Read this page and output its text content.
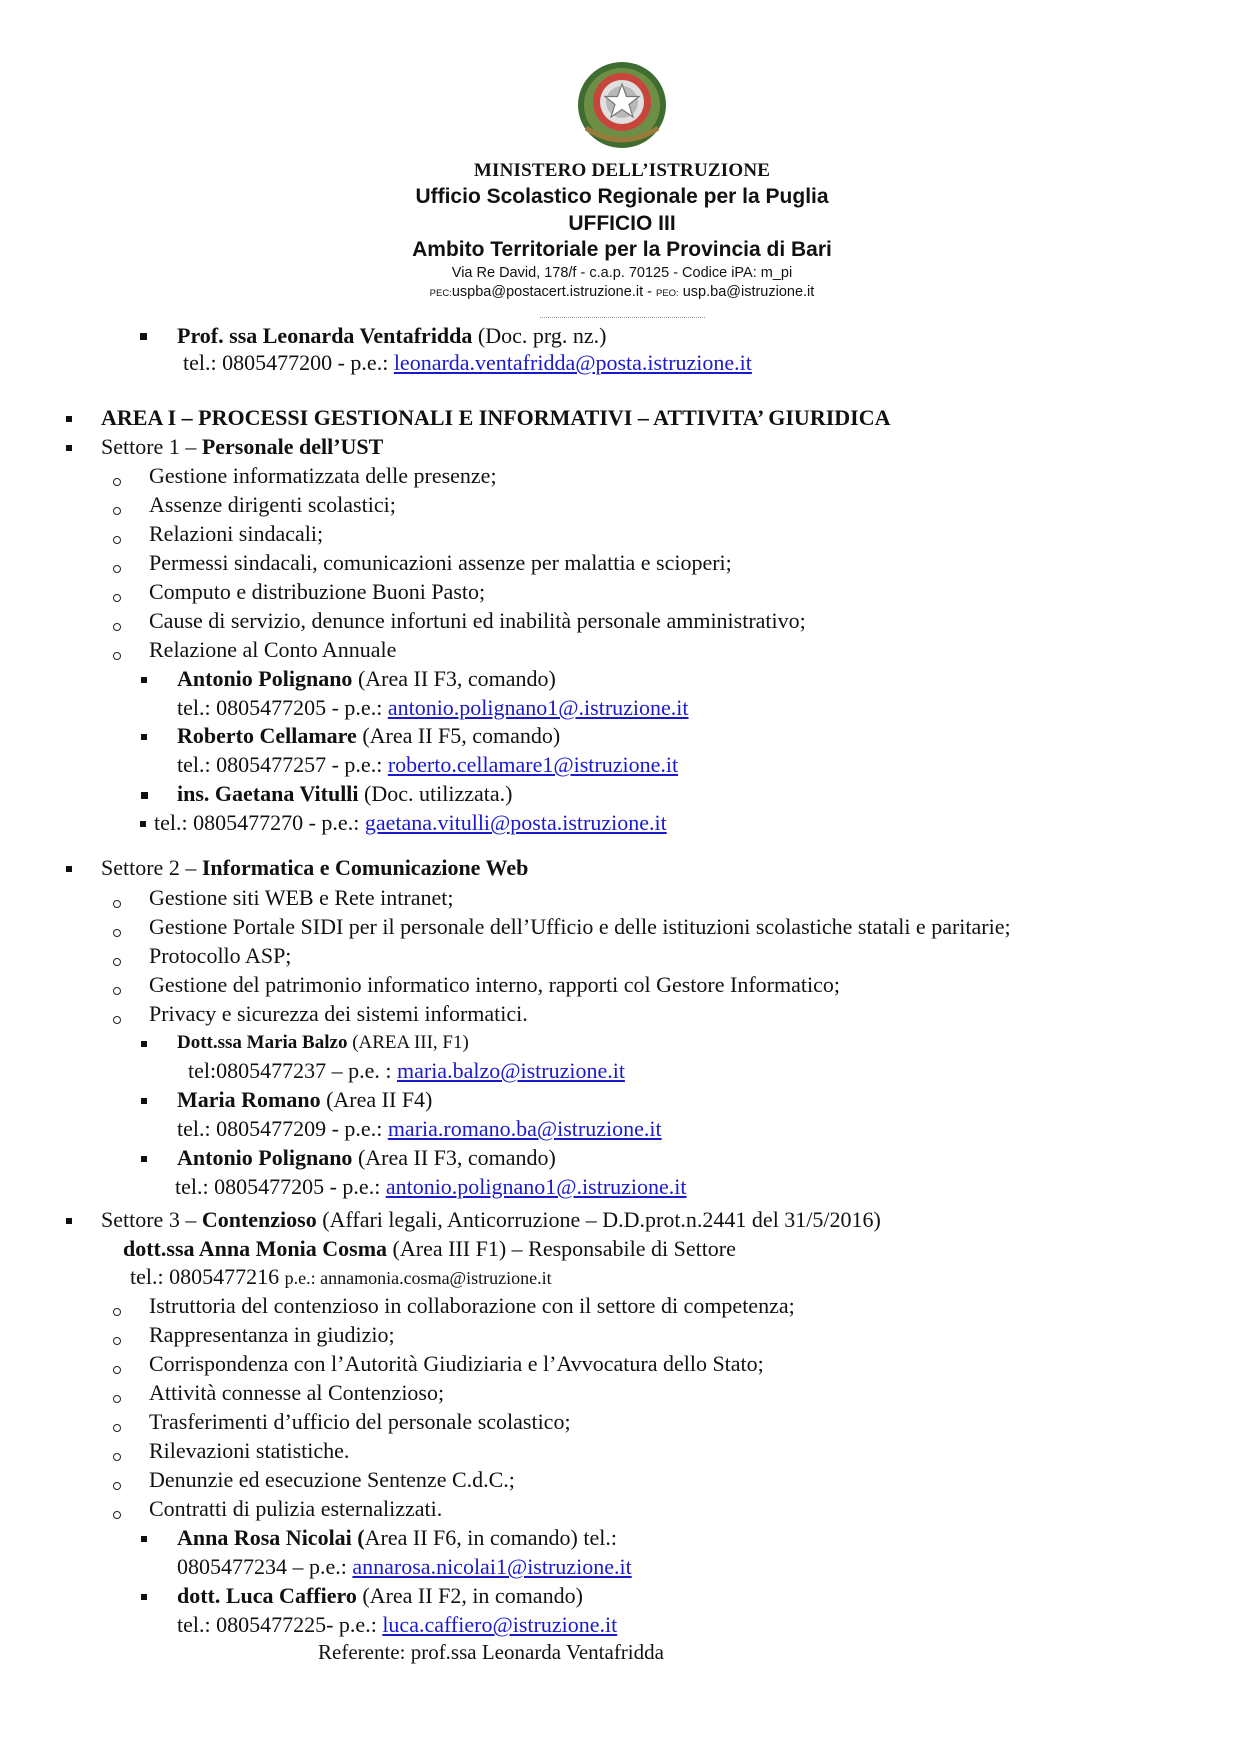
MINISTERO DELL’ISTRUZIONE
Ufficio Scolastico Regionale per la Puglia
UFFICIO III
Ambito Territoriale per la Provincia di Bari
Via Re David, 178/f - c.a.p. 70125 - Codice iPA: m_pi
PEC:uspba@postacert.istruzione.it - PEO: usp.ba@istruzione.it
Prof. ssa Leonarda Ventafridda (Doc. prg. nz.)
tel.: 0805477200 - p.e.: leonarda.ventafridda@posta.istruzione.it
AREA I – PROCESSI GESTIONALI E INFORMATIVI – ATTIVITA’ GIURIDICA
Settore 1 – Personale dell’UST
Gestione informatizzata delle presenze;
Assenze dirigenti scolastici;
Relazioni sindacali;
Permessi sindacali, comunicazioni assenze per malattia e scioperi;
Computo e distribuzione Buoni Pasto;
Cause di servizio, denunce infortuni ed inabilità personale amministrativo;
Relazione al Conto Annuale
Antonio Polignano (Area II F3, comando)
tel.: 0805477205 - p.e.: antonio.polignano1@.istruzione.it
Roberto Cellamare (Area II F5, comando)
tel.: 0805477257 - p.e.: roberto.cellamare1@istruzione.it
ins. Gaetana Vitulli (Doc. utilizzata.)
tel.: 0805477270 - p.e.: gaetana.vitulli@posta.istruzione.it
Settore 2 – Informatica e Comunicazione Web
Gestione siti WEB e Rete intranet;
Gestione Portale SIDI per il personale dell’Ufficio e delle istituzioni scolastiche statali e paritarie;
Protocollo ASP;
Gestione del patrimonio informatico interno, rapporti col Gestore Informatico;
Privacy e sicurezza dei sistemi informatici.
Dott.ssa Maria Balzo (AREA III, F1)
tel:0805477237 – p.e. : maria.balzo@istruzione.it
Maria Romano (Area II F4)
tel.: 0805477209 - p.e.: maria.romano.ba@istruzione.it
Antonio Polignano (Area II F3, comando)
tel.: 0805477205 - p.e.: antonio.polignano1@.istruzione.it
Settore 3 – Contenzioso (Affari legali, Anticorruzione – D.D.prot.n.2441 del 31/5/2016)
dott.ssa Anna Monia Cosma (Area III F1) – Responsabile di Settore
tel.: 0805477216 p.e.: annamonia.cosma@istruzione.it
Istruttoria del contenzioso in collaborazione con il settore di competenza;
Rappresentanza in giudizio;
Corrispondenza con l’Autorità Giudiziaria e l’Avvocatura dello Stato;
Attività connesse al Contenzioso;
Trasferimenti d’ufficio del personale scolastico;
Rilevazioni statistiche.
Denunzie ed esecuzione Sentenze C.d.C.;
Contratti di pulizia esternalizzati.
Anna Rosa Nicolai (Area II F6, in comando) tel.:
0805477234 – p.e.: annarosa.nicolai1@istruzione.it
dott. Luca Caffiero (Area II F2, in comando)
tel.: 0805477225- p.e.: luca.caffiero@istruzione.it
Referente: prof.ssa Leonarda Ventafridda
